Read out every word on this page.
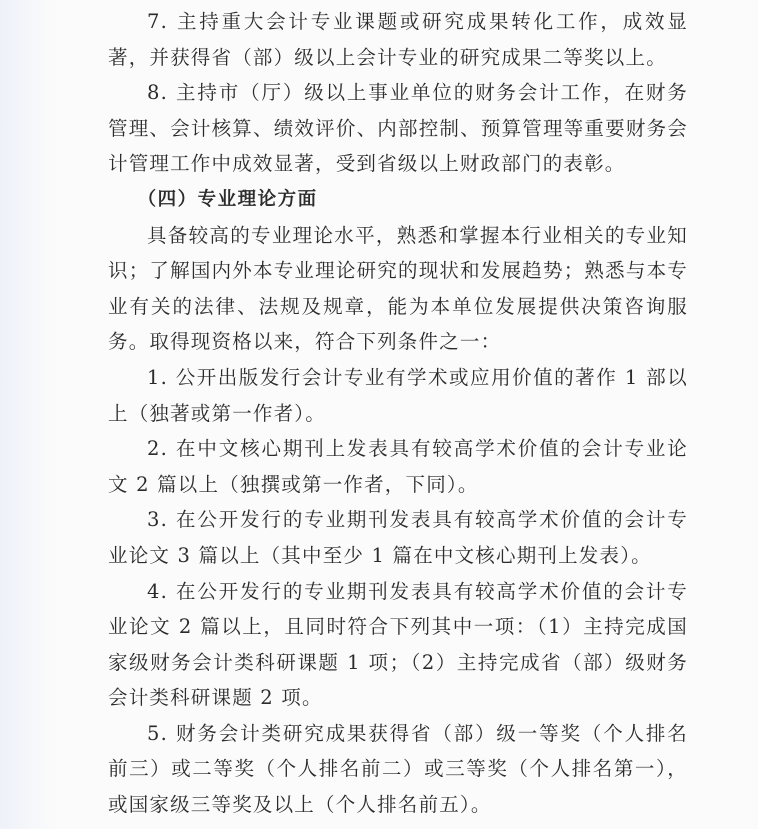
7. 主持重大会计专业课题或研究成果转化工作，成效显著，并获得省（部）级以上会计专业的研究成果二等奖以上。

8. 主持市（厅）级以上事业单位的财务会计工作，在财务管理、会计核算、绩效评价、内部控制、预算管理等重要财务会计管理工作中成效显著，受到省级以上财政部门的表彰。

（四）专业理论方面

具备较高的专业理论水平，熟悉和掌握本行业相关的专业知识；了解国内外本专业理论研究的现状和发展趋势；熟悉与本专业有关的法律、法规及规章，能为本单位发展提供决策咨询服务。取得现资格以来，符合下列条件之一：

1. 公开出版发行会计专业有学术或应用价值的著作 1 部以上（独著或第一作者）。

2. 在中文核心期刊上发表具有较高学术价值的会计专业论文 2 篇以上（独撰或第一作者，下同）。

3. 在公开发行的专业期刊发表具有较高学术价值的会计专业论文 3 篇以上（其中至少 1 篇在中文核心期刊上发表）。

4. 在公开发行的专业期刊发表具有较高学术价值的会计专业论文 2 篇以上，且同时符合下列其中一项：（1）主持完成国家级财务会计类科研课题 1 项；（2）主持完成省（部）级财务会计类科研课题 2 项。

5. 财务会计类研究成果获得省（部）级一等奖（个人排名前三）或二等奖（个人排名前二）或三等奖（个人排名第一），或国家级三等奖及以上（个人排名前五）。
